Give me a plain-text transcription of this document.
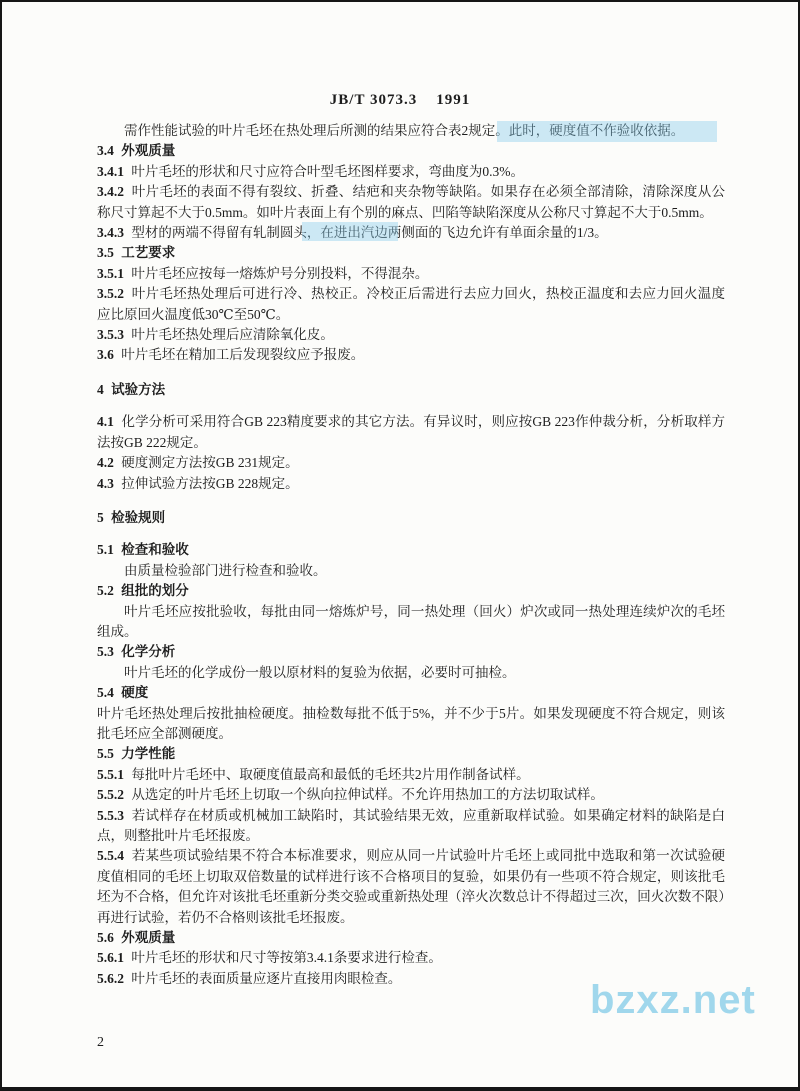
JB/T 3073.3    1991

需作性能试验的叶片毛坯在热处理后所测的结果应符合表2规定。此时，硬度值不作验收依据。

3.4 外观质量

3.4.1 叶片毛坯的形状和尺寸应符合叶型毛坯图样要求，弯曲度为0.3%。

3.4.2 叶片毛坯的表面不得有裂纹、折叠、结疤和夹杂物等缺陷。如果存在必须全部清除，清除深度从公称尺寸算起不大于0.5mm。如叶片表面上有个别的麻点、凹陷等缺陷深度从公称尺寸算起不大于0.5mm。

3.4.3 型材的两端不得留有轧制圆头，在进出汽边两侧面的飞边允许有单面余量的1/3。

3.5 工艺要求

3.5.1 叶片毛坯应按每一熔炼炉号分别投料，不得混杂。

3.5.2 叶片毛坯热处理后可进行冷、热校正。冷校正后需进行去应力回火，热校正温度和去应力回火温度应比原回火温度低30℃至50℃。

3.5.3 叶片毛坯热处理后应清除氧化皮。

3.6 叶片毛坯在精加工后发现裂纹应予报废。

4 试验方法

4.1 化学分析可采用符合GB 223精度要求的其它方法。有异议时，则应按GB 223作仲裁分析，分析取样方法按GB 222规定。

4.2 硬度测定方法按GB 231规定。

4.3 拉伸试验方法按GB 228规定。

5 检验规则

5.1 检查和验收

由质量检验部门进行检查和验收。

5.2 组批的划分

叶片毛坯应按批验收，每批由同一熔炼炉号，同一热处理（回火）炉次或同一热处理连续炉次的毛坯组成。

5.3 化学分析

叶片毛坯的化学成份一般以原材料的复验为依据，必要时可抽检。

5.4 硬度

叶片毛坯热处理后按批抽检硬度。抽检数每批不低于5%，并不少于5片。如果发现硬度不符合规定，则该批毛坯应全部测硬度。

5.5 力学性能

5.5.1 每批叶片毛坯中、取硬度值最高和最低的毛坯共2片用作制备试样。

5.5.2 从选定的叶片毛坯上切取一个纵向拉伸试样。不允许用热加工的方法切取试样。

5.5.3 若试样存在材质或机械加工缺陷时，其试验结果无效，应重新取样试验。如果确定材料的缺陷是白点，则整批叶片毛坯报废。

5.5.4 若某些项试验结果不符合本标准要求，则应从同一片试验叶片毛坯上或同批中选取和第一次试验硬度值相同的毛坯上切取双倍数量的试样进行该不合格项目的复验，如果仍有一些项不符合规定，则该批毛坯为不合格，但允许对该批毛坯重新分类交验或重新热处理（淬火次数总计不得超过三次，回火次数不限）再进行试验，若仍不合格则该批毛坯报废。

5.6 外观质量

5.6.1 叶片毛坯的形状和尺寸等按第3.4.1条要求进行检查。

5.6.2 叶片毛坯的表面质量应逐片直接用肉眼检查。	bzxz.net
2
